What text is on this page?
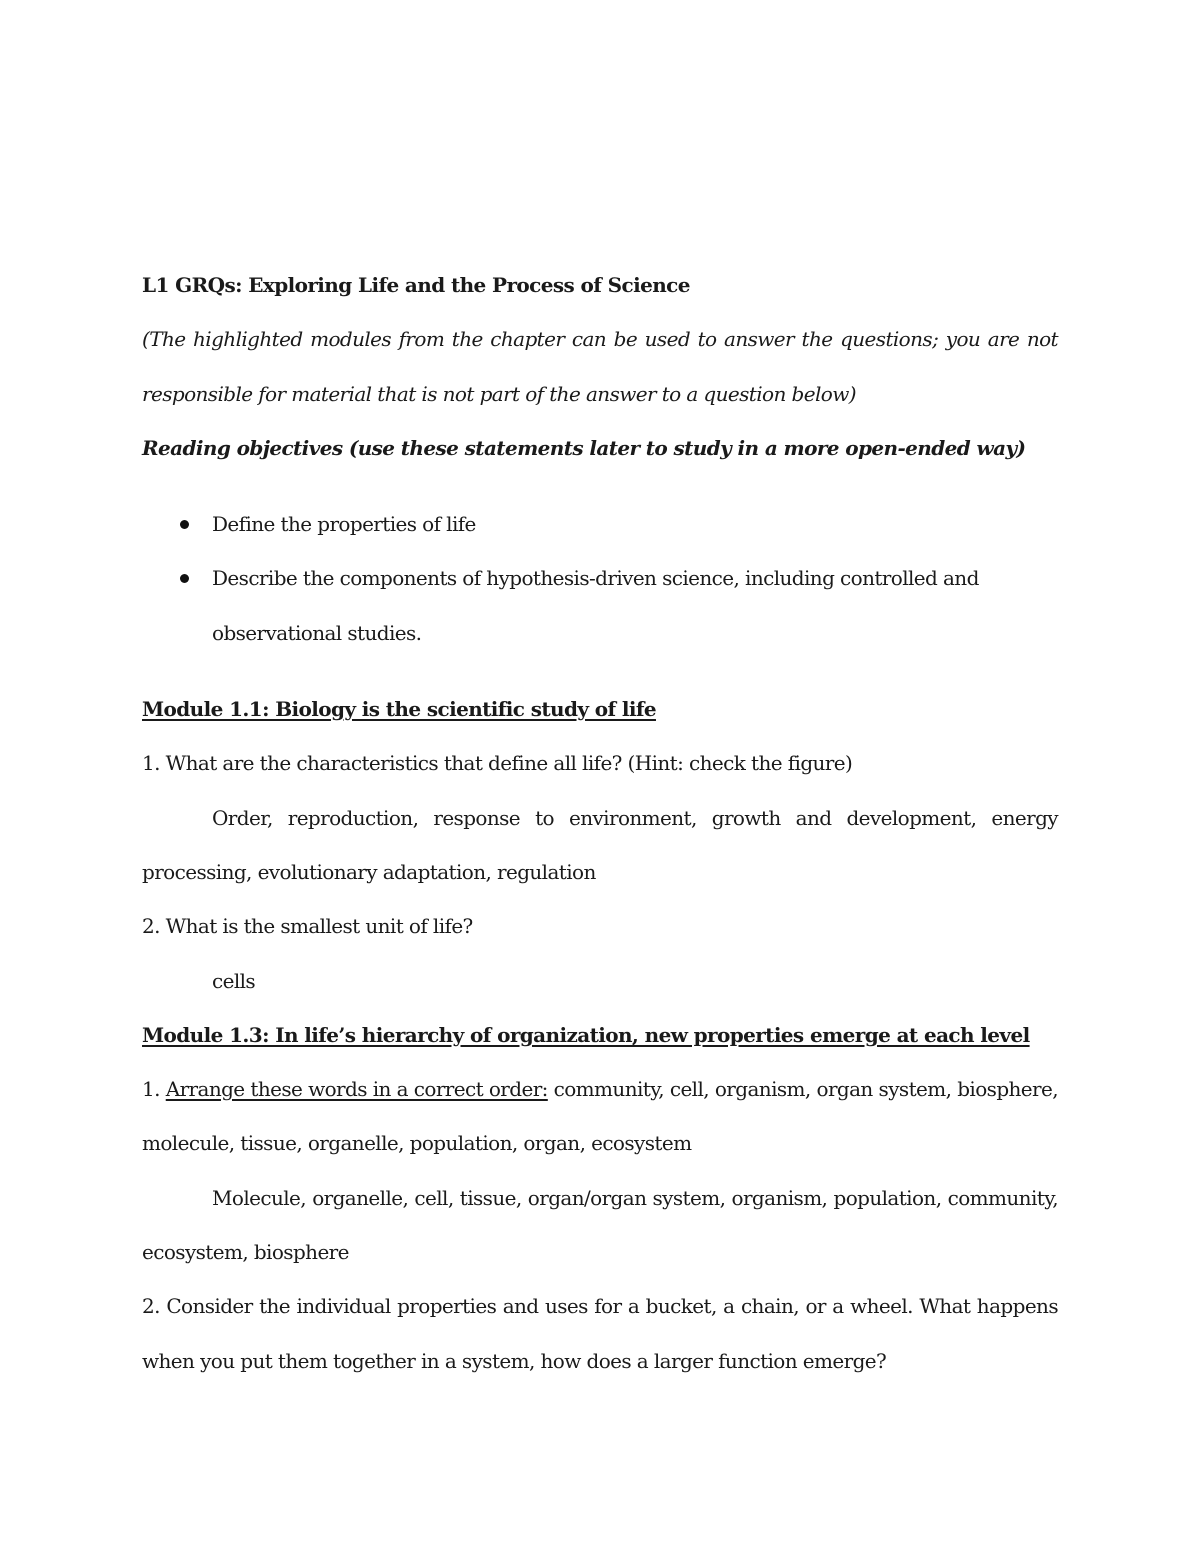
L1 GRQs: Exploring Life and the Process of Science
(The highlighted modules from the chapter can be used to answer the questions; you are not
responsible for material that is not part of the answer to a question below)
Reading objectives (use these statements later to study in a more open-ended way)
Define the properties of life
Describe the components of hypothesis-driven science, including controlled and
observational studies.
Module 1.1: Biology is the scientific study of life
1. What are the characteristics that define all life? (Hint: check the figure)
Order, reproduction, response to environment, growth and development, energy
processing, evolutionary adaptation, regulation
2. What is the smallest unit of life?
cells
Module 1.3: In life’s hierarchy of organization, new properties emerge at each level
1. Arrange these words in a correct order: community, cell, organism, organ system, biosphere,
molecule, tissue, organelle, population, organ, ecosystem
Molecule, organelle, cell, tissue, organ/organ system, organism, population, community,
ecosystem, biosphere
2. Consider the individual properties and uses for a bucket, a chain, or a wheel. What happens
when you put them together in a system, how does a larger function emerge?
